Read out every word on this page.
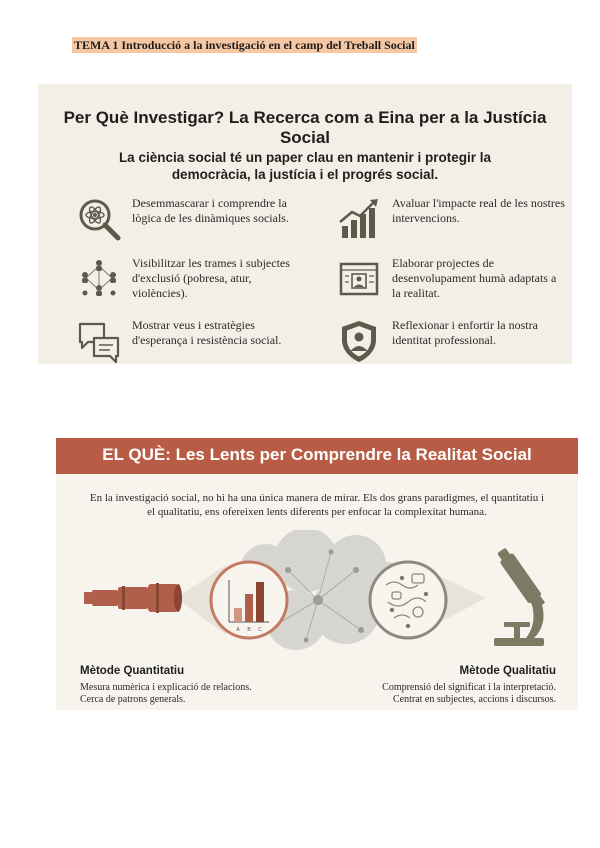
TEMA 1 Introducció a la investigació en el camp del Treball Social
Per Què Investigar? La Recerca com a Eina per a la Justícia Social
La ciència social té un paper clau en mantenir i protegir la democràcia, la justícia i el progrés social.
Desemmascarar i comprendre la lògica de les dinàmiques socials.
Avaluar l'impacte real de les nostres intervencions.
Visibilitzar les trames i subjectes d'exclusió (pobresa, atur, violències).
Elaborar projectes de desenvolupament humà adaptats a la realitat.
Mostrar veus i estratègies d'esperança i resistència social.
Reflexionar i enfortir la nostra identitat professional.
EL QUÈ: Les Lents per Comprendre la Realitat Social
En la investigació social, no hi ha una única manera de mirar. Els dos grans paradigmes, el quantitatiu i el qualitatiu, ens ofereixen lents diferents per enfocar la complexitat humana.
A B C
Mètode Quantitatiu
Mesura numèrica i explicació de relacions.
Cerca de patrons generals.
Mètode Qualitatiu
Comprensió del significat i la interpretació.
Centrat en subjectes, accions i discursos.
